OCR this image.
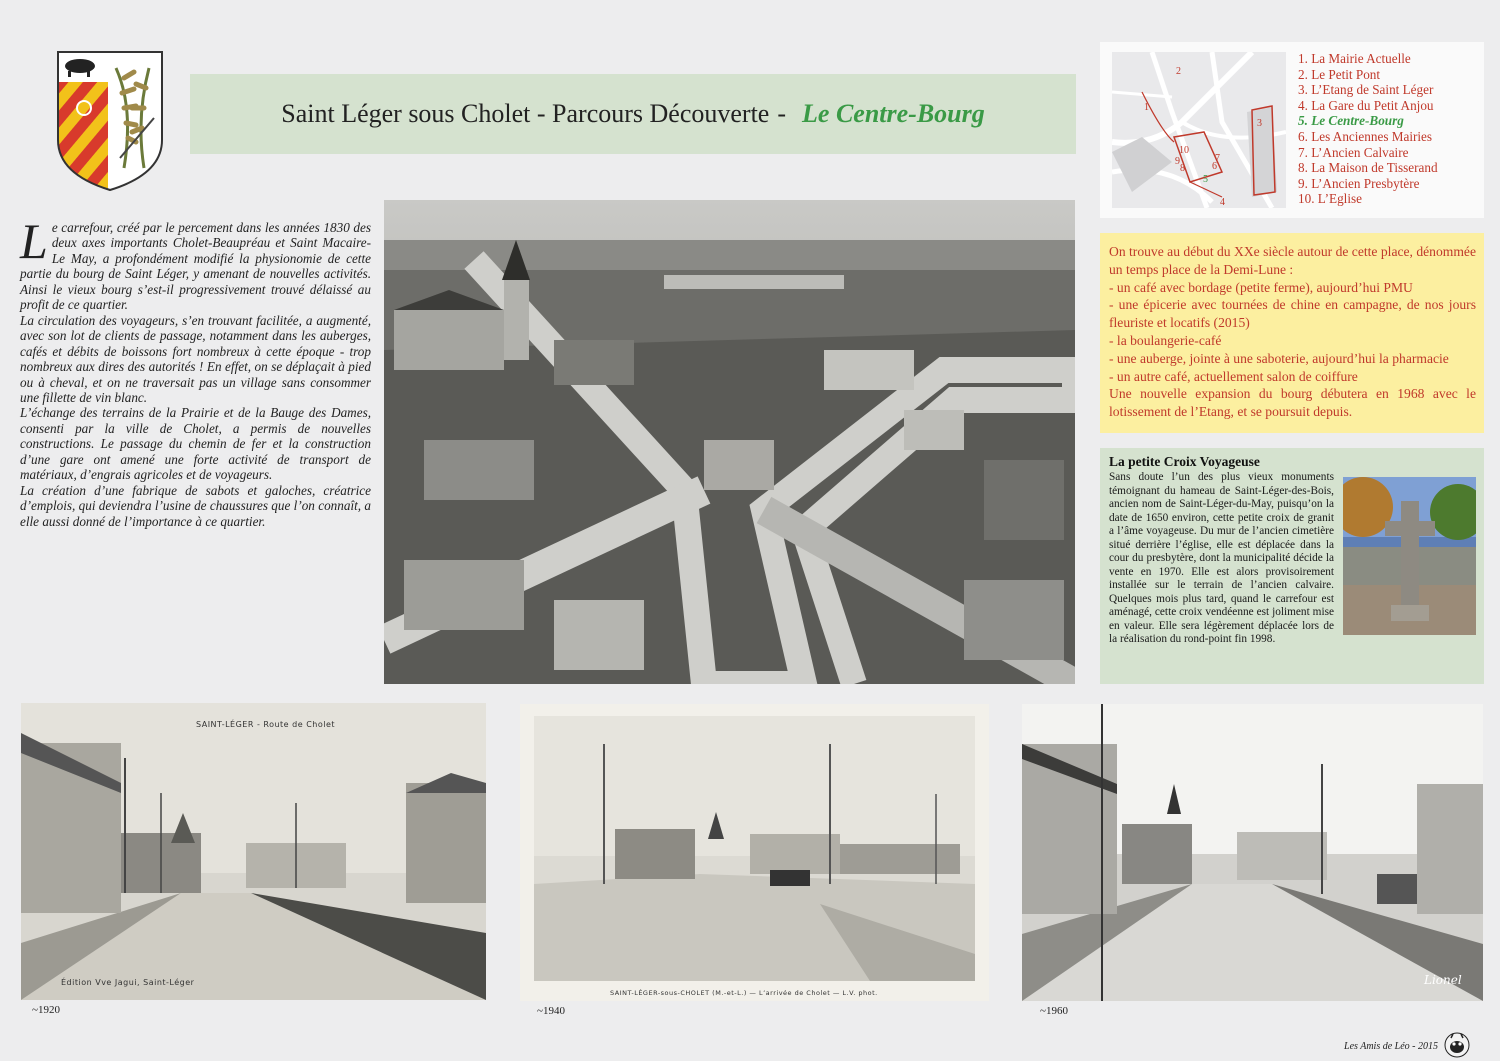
Saint Léger sous Cholet - Parcours Découverte - Le Centre-Bourg	1
2
3
4
5
6
7
8
9
10
1. La Mairie Actuelle
2. Le Petit Pont
3. L’Etang de Saint Léger
4. La Gare du Petit Anjou
5. Le Centre-Bourg
6. Les Anciennes Mairies
7. L’Ancien Calvaire
8. La Maison de Tisserand
9. L’Ancien Presbytère
10. L’Eglise
L e carrefour, créé par le percement dans les années 1830 des deux axes importants Cholet-Beaupréau et Saint Macaire-Le May, a profondément modifié la physionomie de cette partie du bourg de Saint Léger, y amenant de nouvelles activités. Ainsi le vieux bourg s’est-il progressivement trouvé délaissé au profit de ce quartier.

La circulation des voyageurs, s’en trouvant facilitée, a augmenté, avec son lot de clients de passage, notamment dans les auberges, cafés et débits de boissons fort nombreux à cette époque - trop nombreux aux dires des autorités ! En effet, on se déplaçait à pied ou à cheval, et on ne traversait pas un village sans consommer une fillette de vin blanc.

L’échange des terrains de la Prairie et de la Bauge des Dames, consenti par la ville de Cholet, a permis de nouvelles constructions. Le passage du chemin de fer et la construction d’une gare ont amené une forte activité de transport de matériaux, d’engrais agricoles et de voyageurs.

La création d’une fabrique de sabots et galoches, créatrice d’emplois, qui deviendra l’usine de chaussures que l’on connaît, a elle aussi donné de l’importance à ce quartier.

On trouve au début du XXe siècle autour de cette place, dénommée un temps place de la Demi-Lune :

- un café avec bordage (petite ferme), aujourd’hui PMU

- une épicerie avec tournées de chine en campagne, de nos jours fleuriste et locatifs (2015)

- la boulangerie-café

- une auberge, jointe à une saboterie, aujourd’hui la pharmacie

- un autre café, actuellement salon de coiffure

Une nouvelle expansion du bourg débutera en 1968 avec le lotissement de l’Etang, et se poursuit depuis.

La petite Croix Voyageuse
Sans doute l’un des plus vieux monuments témoignant du hameau de Saint-Léger-des-Bois, ancien nom de Saint-Léger-du-May, puisqu’on la date de 1650 environ, cette petite croix de granit a l’âme voyageuse. Du mur de l’ancien cimetière situé derrière l’église, elle est déplacée dans la cour du presbytère, dont la municipalité décide la vente en 1970. Elle est alors provisoirement installée sur le terrain de l’ancien calvaire. Quelques mois plus tard, quand le carrefour est aménagé, cette croix vendéenne est joliment mise en valeur. Elle sera légèrement déplacée lors de la réalisation du rond-point fin 1998.
SAINT-LÉGER - Route de Cholet
Édition Vve Jagui, Saint-Léger
SAINT-LÉGER-sous-CHOLET (M.-et-L.) — L’arrivée de Cholet — L.V. phot.
Lionel
~1920	~1940	~1960
Les Amis de Léo - 2015
